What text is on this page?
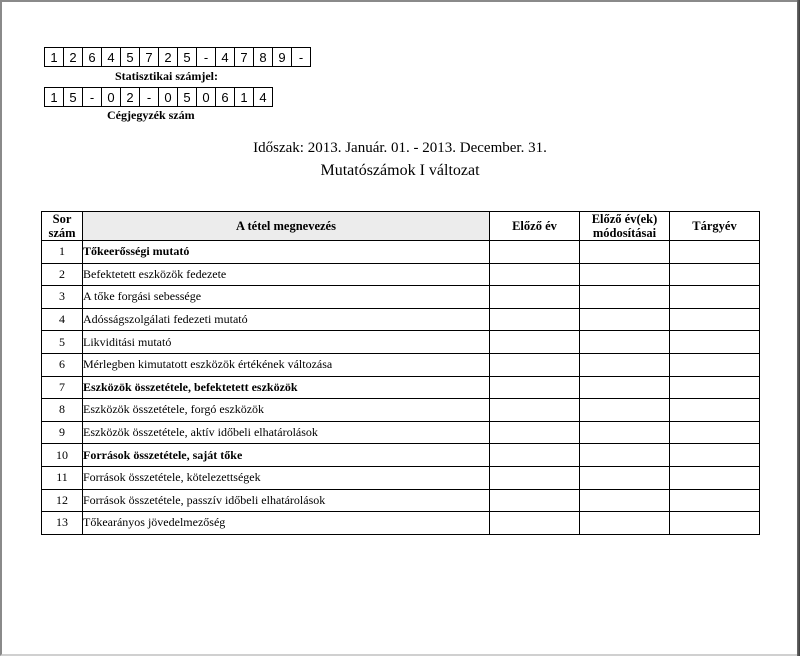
1 2 6 4 5 7 2 5	-	4 7 8 9	-
Statisztikai számjel:
1 5	-	0 2	-	0 5 0 6 1 4
Cégjegyzék szám
Időszak: 2013. Január. 01. - 2013. December. 31.
Mutatószámok I változat
Sor szám	A tétel megnevezés	Előző év	Előző év(ek) módosításai	Tárgyév
1	Tőkeerősségi mutató			
2	Befektetett eszközök fedezete			
3	A tőke forgási sebessége			
4	Adósságszolgálati fedezeti mutató			
5	Likviditási mutató			
6	Mérlegben kimutatott eszközök értékének változása			
7	Eszközök összetétele, befektetett eszközök			
8	Eszközök összetétele, forgó eszközök			
9	Eszközök összetétele, aktív időbeli elhatárolások			
10	Források összetétele, saját tőke			
11	Források összetétele, kötelezettségek			
12	Források összetétele, passzív időbeli elhatárolások			
13	Tőkearányos jövedelmezőség			
